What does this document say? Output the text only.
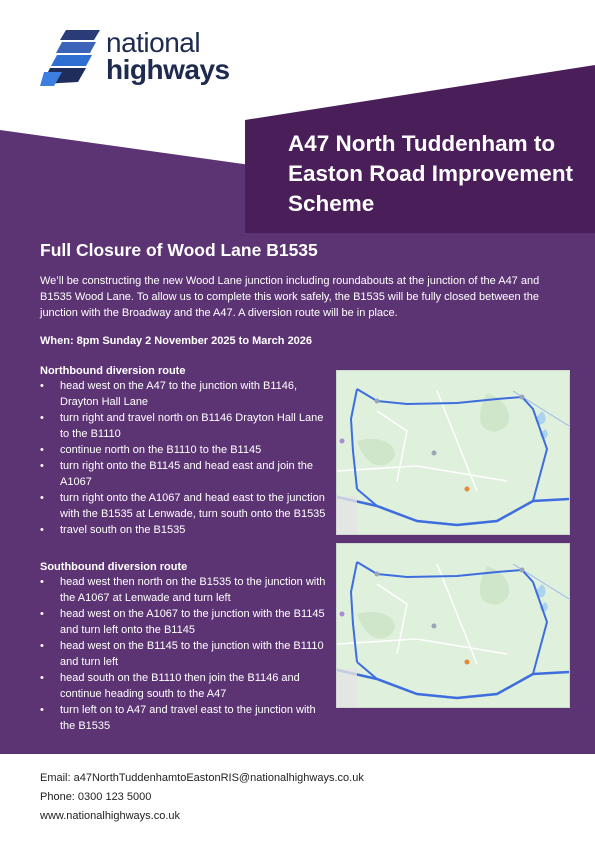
national
highways
A47 North Tuddenham to Easton Road Improvement Scheme
Full Closure of Wood Lane B1535

We’ll be constructing the new Wood Lane junction including roundabouts at the junction of the A47 and B1535 Wood Lane. To allow us to complete this work safely, the B1535 will be fully closed between the junction with the Broadway and the A47. A diversion route will be in place.

When: 8pm Sunday 2 November 2025 to March 2026

Northbound diversion route
• head west on the A47 to the junction with B1146, Drayton Hall Lane
• turn right and travel north on B1146 Drayton Hall Lane to the B1110
• continue north on the B1110 to the B1145
• turn right onto the B1145 and head east and join the A1067
• turn right onto the A1067 and head east to the junction with the B1535 at Lenwade, turn south onto the B1535
• travel south on the B1535
Southbound diversion route
• head west then north on the B1535 to the junction with the A1067 at Lenwade and turn left
• head west on the A1067 to the junction with the B1145 and turn left onto the B1145
• head west on the B1145 to the junction with the B1110 and turn left
• head south on the B1110 then join the B1146 and continue heading south to the A47
• turn left on to A47 and travel east to the junction with the B1535
Email: a47NorthTuddenhamtoEastonRIS@nationalhighways.co.uk
Phone: 0300 123 5000
www.nationalhighways.co.uk
